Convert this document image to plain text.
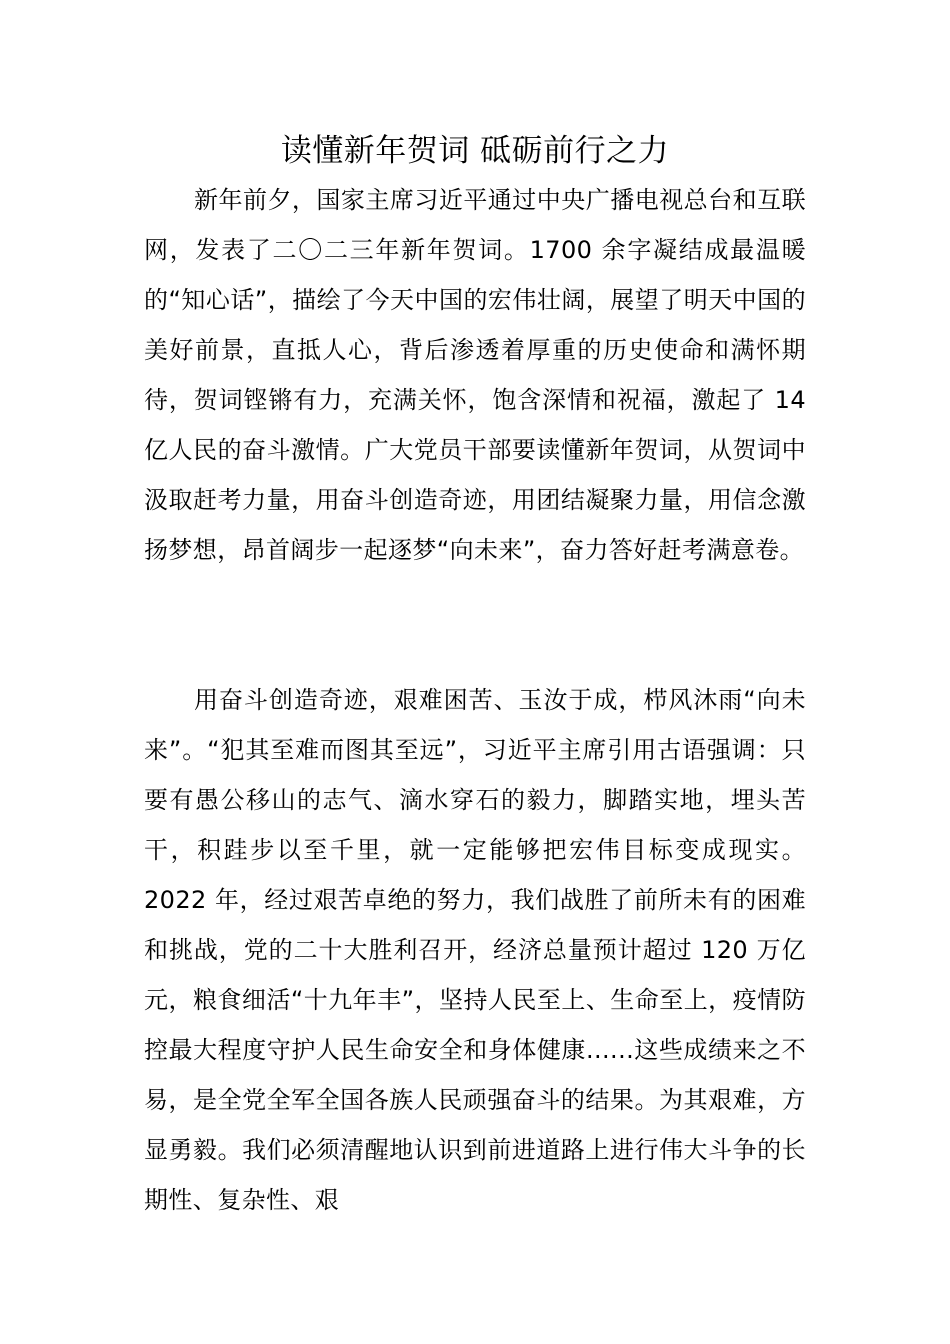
读懂新年贺词 砥砺前行之力

新年前夕，国家主席习近平通过中央广播电视总台和互联网，发表了二〇二三年新年贺词。1700 余字凝结成最温暖的“知心话”，描绘了今天中国的宏伟壮阔，展望了明天中国的美好前景，直抵人心，背后渗透着厚重的历史使命和满怀期待，贺词铿锵有力，充满关怀，饱含深情和祝福，激起了 14 亿人民的奋斗激情。广大党员干部要读懂新年贺词，从贺词中汲取赶考力量，用奋斗创造奇迹，用团结凝聚力量，用信念激扬梦想，昂首阔步一起逐梦“向未来”，奋力答好赶考满意卷。

用奋斗创造奇迹，艰难困苦、玉汝于成，栉风沐雨“向未来”。“犯其至难而图其至远”，习近平主席引用古语强调：只要有愚公移山的志气、滴水穿石的毅力，脚踏实地，埋头苦干，积跬步以至千里，就一定能够把宏伟目标变成现实。2022 年，经过艰苦卓绝的努力，我们战胜了前所未有的困难和挑战，党的二十大胜利召开，经济总量预计超过 120 万亿元，粮食细活“十九年丰”，坚持人民至上、生命至上，疫情防控最大程度守护人民生命安全和身体健康......这些成绩来之不易，是全党全军全国各族人民顽强奋斗的结果。为其艰难，方显勇毅。我们必须清醒地认识到前进道路上进行伟大斗争的长期性、复杂性、艰
